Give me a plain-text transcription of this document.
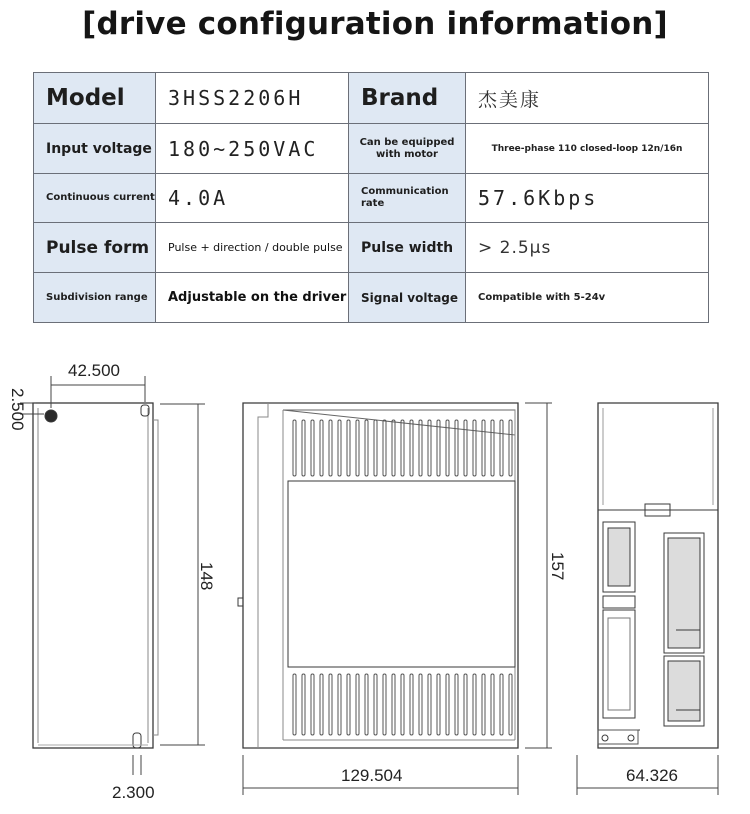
[drive configuration information]
Model	3HSS2206H	Brand	杰美康
Input voltage	180~250VAC	Can be equipped with motor	Three-phase 110 closed-loop 12n/16n
Continuous current	4.0A	Communication rate	57.6Kbps
Pulse form	Pulse + direction / double pulse	Pulse width	> 2.5μs
Subdivision range	Adjustable on the driver	Signal voltage	Compatible with 5-24v
42.500
2.500
148
2.300
157
129.504	64.326
